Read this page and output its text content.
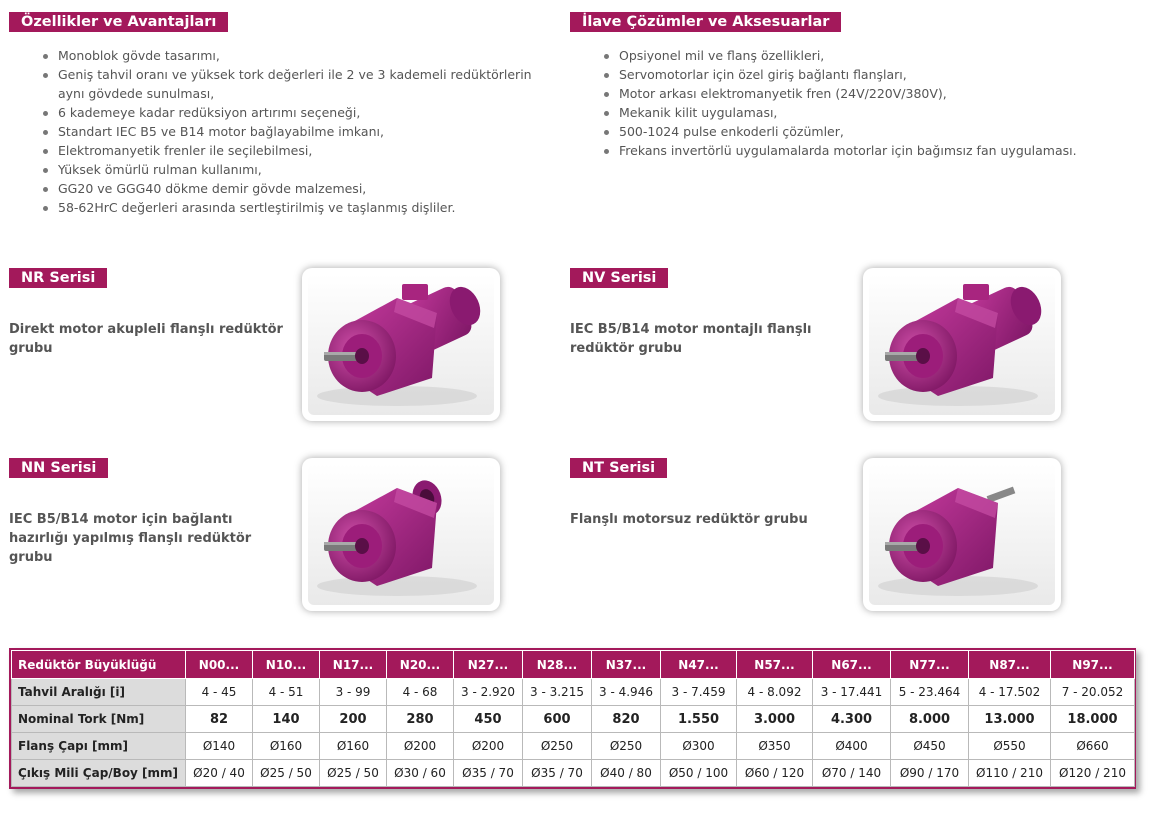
Özellikler ve Avantajları
Monoblok gövde tasarımı,
Geniş tahvil oranı ve yüksek tork değerleri ile 2 ve 3 kademeli redüktörlerin aynı gövdede sunulması,
6 kademeye kadar redüksiyon artırımı seçeneği,
Standart IEC B5 ve B14 motor bağlayabilme imkanı,
Elektromanyetik frenler ile seçilebilmesi,
Yüksek ömürlü rulman kullanımı,
GG20 ve GGG40 dökme demir gövde malzemesi,
58-62HrC değerleri arasında sertleştirilmiş ve taşlanmış dişliler.
İlave Çözümler ve Aksesuarlar
Opsiyonel mil ve flanş özellikleri,
Servomotorlar için özel giriş bağlantı flanşları,
Motor arkası elektromanyetik fren (24V/220V/380V),
Mekanik kilit uygulaması,
500-1024 pulse enkoderli çözümler,
Frekans invertörlü uygulamalarda motorlar için bağımsız fan uygulaması.
NR Serisi
Direkt motor akupleli flanşlı redüktör grubu
NV Serisi
IEC B5/B14 motor montajlı flanşlı redüktör grubu
NN Serisi
IEC B5/B14 motor için bağlantı hazırlığı yapılmış flanşlı redüktör grubu
NT Serisi
Flanşlı motorsuz redüktör grubu
Redüktör Büyüklüğü	N00...	N10...	N17...	N20...	N27...	N28...	N37...	N47...	N57...	N67...	N77...	N87...	N97...
Tahvil Aralığı [i]	4 - 45	4 - 51	3 - 99	4 - 68	3 - 2.920	3 - 3.215	3 - 4.946	3 - 7.459	4 - 8.092	3 - 17.441	5 - 23.464	4 - 17.502	7 - 20.052
Nominal Tork [Nm]	82	140	200	280	450	600	820	1.550	3.000	4.300	8.000	13.000	18.000
Flanş Çapı [mm]	Ø140	Ø160	Ø160	Ø200	Ø200	Ø250	Ø250	Ø300	Ø350	Ø400	Ø450	Ø550	Ø660
Çıkış Mili Çap/Boy [mm]	Ø20 / 40	Ø25 / 50	Ø25 / 50	Ø30 / 60	Ø35 / 70	Ø35 / 70	Ø40 / 80	Ø50 / 100	Ø60 / 120	Ø70 / 140	Ø90 / 170	Ø110 / 210	Ø120 / 210
